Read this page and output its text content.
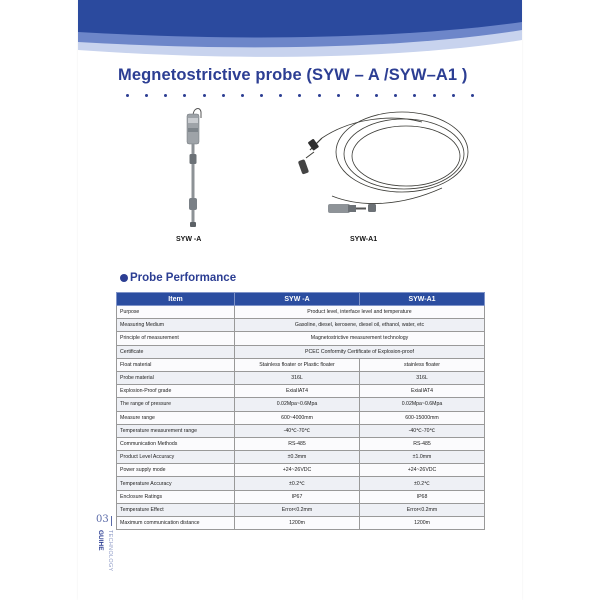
Megnetostrictive probe (SYW – A /SYW–A1 )
SYW -A	SYW-A1
Probe Performance
Item	SYW -A	SYW-A1
Purpose	Product level, interface level and temperature	
Measuring Medium	Gasoline, diesel, kerosene, diesel oil, ethanol, water, etc	
Principle of measurement	Magnetostrictive measurement technology	
Certificate	PCEC Conformity Certificate of Explosion-proof	
Float material	Stainless floater or Plastic floater	stainless floater
Probe material	316L	316L
Explosion-Proof grade	ExiaIIAT4	ExiaIIAT4
The range of pressure	0.02Mpa~0.6Mpa	0.02Mpa~0.6Mpa
Measure range	600~4000mm	600-15000mm
Temperature measurement range	-40℃-70℃	-40℃-70℃
Communication Methods	RS-485	RS-485
Product Level Accuracy	±0.3mm	±1.0mm
Power supply mode	+24~26VDC	+24~26VDC
Temperature Accuracy	±0.2℃	±0.2℃
Enclosure Ratings	IP67	IP68
Temperature Effect	Error<0.2mm	Error<0.2mm
Maximum communication distance	1200m	1200m
03
GUIHE TECHNOLOGY
